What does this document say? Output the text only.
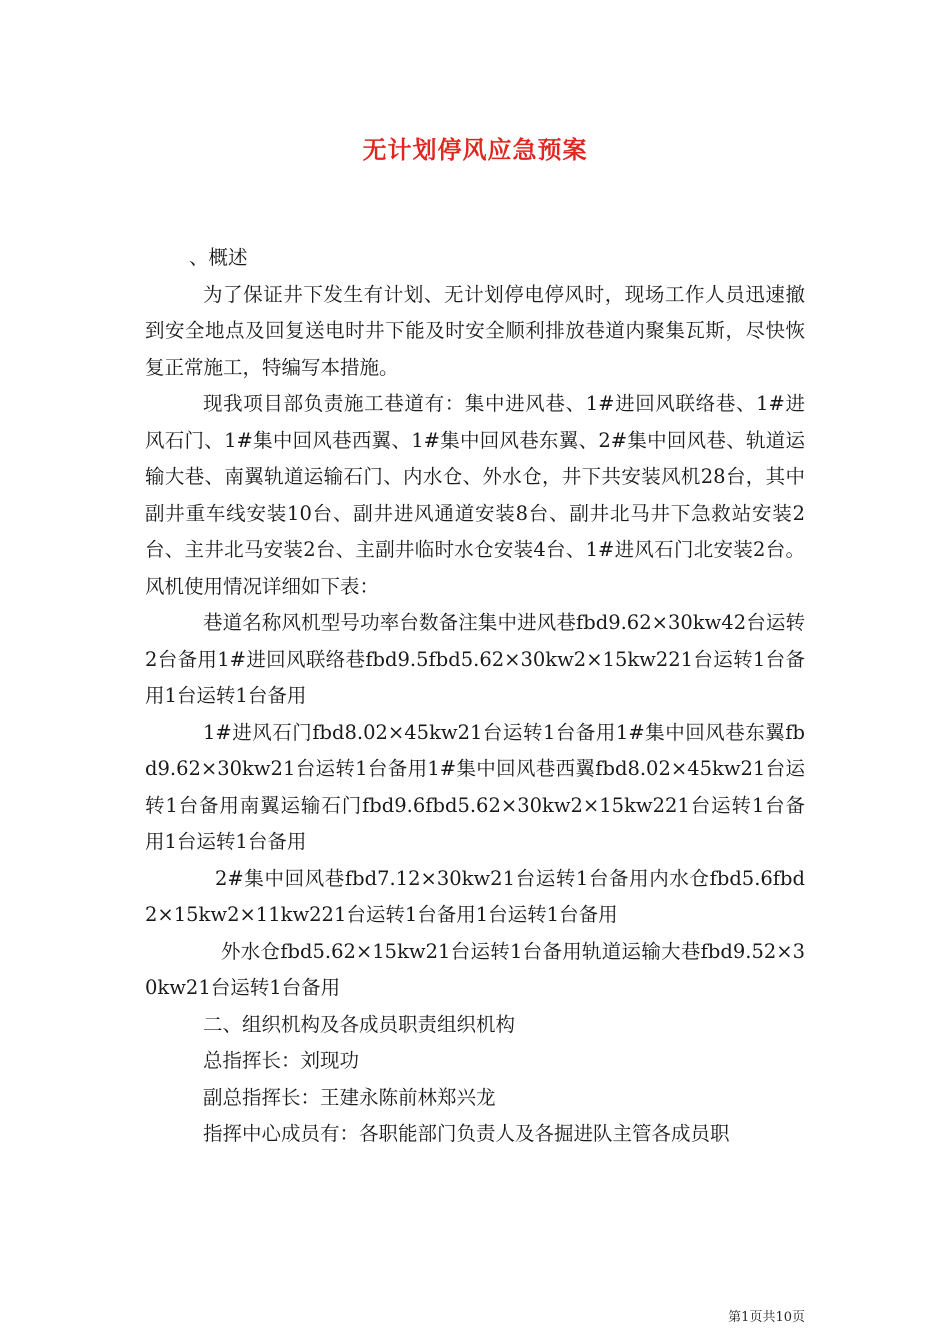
无计划停风应急预案

、概述

为了保证井下发生有计划、无计划停电停风时，现场工作人员迅速撤到安全地点及回复送电时井下能及时安全顺利排放巷道内聚集瓦斯，尽快恢复正常施工，特编写本措施。

现我项目部负责施工巷道有：集中进风巷、1#进回风联络巷、1#进风石门、1#集中回风巷西翼、1#集中回风巷东翼、2#集中回风巷、轨道运输大巷、南翼轨道运输石门、内水仓、外水仓，井下共安装风机28台，其中副井重车线安装10台、副井进风通道安装8台、副井北马井下急救站安装2台、主井北马安装2台、主副井临时水仓安装4台、1#进风石门北安装2台。风机使用情况详细如下表：

巷道名称风机型号功率台数备注集中进风巷fbd9.62×30kw42台运转2台备用1#进回风联络巷fbd9.5fbd5.62×30kw2×15kw221台运转1台备用1台运转1台备用

1#进风石门fbd8.02×45kw21台运转1台备用1#集中回风巷东翼fbd9.62×30kw21台运转1台备用1#集中回风巷西翼fbd8.02×45kw21台运转1台备用南翼运输石门fbd9.6fbd5.62×30kw2×15kw221台运转1台备用1台运转1台备用

2#集中回风巷fbd7.12×30kw21台运转1台备用内水仓fbd5.6fbd2×15kw2×11kw221台运转1台备用1台运转1台备用

外水仓fbd5.62×15kw21台运转1台备用轨道运输大巷fbd9.52×30kw21台运转1台备用

二、组织机构及各成员职责组织机构

总指挥长：刘现功

副总指挥长：王建永陈前林郑兴龙

指挥中心成员有：各职能部门负责人及各掘进队主管各成员职

第1页共10页
